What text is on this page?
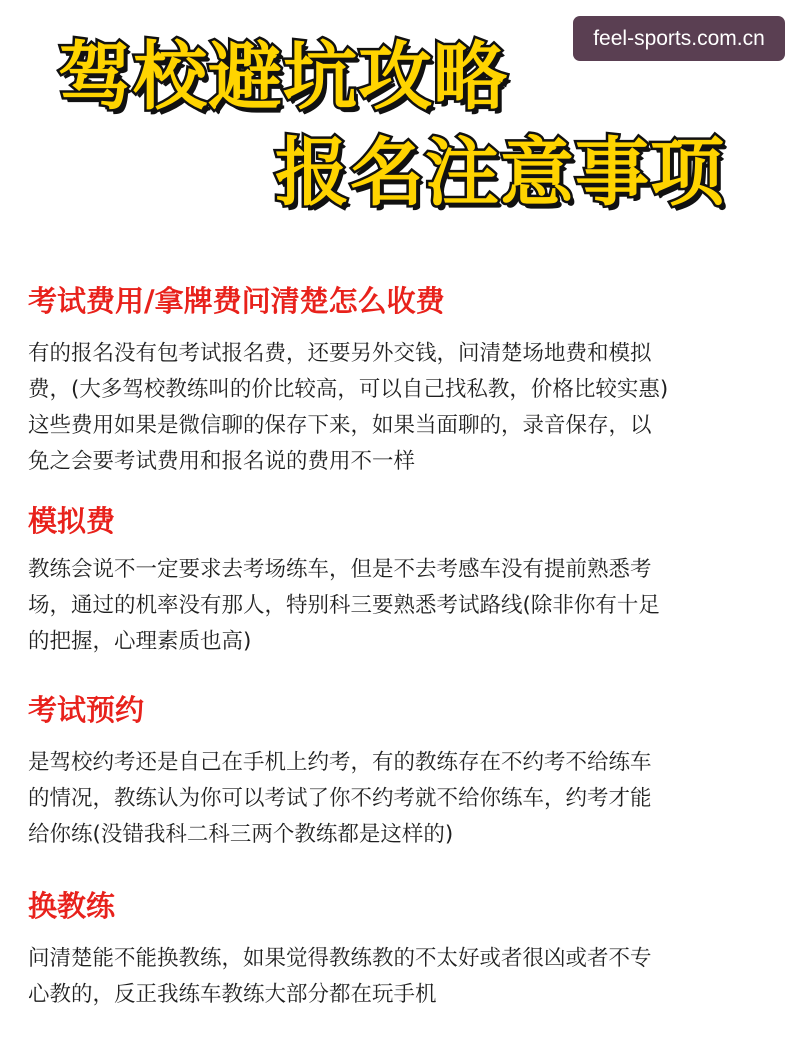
feel-sports.com.cn
驾校避坑攻略
报名注意事项
考试费用/拿牌费问清楚怎么收费

有的报名没有包考试报名费，还要另外交钱，问清楚场地费和模拟
费，(大多驾校教练叫的价比较高，可以自己找私教，价格比较实惠)
这些费用如果是微信聊的保存下来，如果当面聊的，录音保存，以
免之会要考试费用和报名说的费用不一样

模拟费

教练会说不一定要求去考场练车，但是不去考感车没有提前熟悉考
场，通过的机率没有那人，特别科三要熟悉考试路线(除非你有十足
的把握，心理素质也高)

考试预约

是驾校约考还是自己在手机上约考，有的教练存在不约考不给练车
的情况，教练认为你可以考试了你不约考就不给你练车，约考才能
给你练(没错我科二科三两个教练都是这样的)

换教练

问清楚能不能换教练，如果觉得教练教的不太好或者很凶或者不专
心教的，反正我练车教练大部分都在玩手机
